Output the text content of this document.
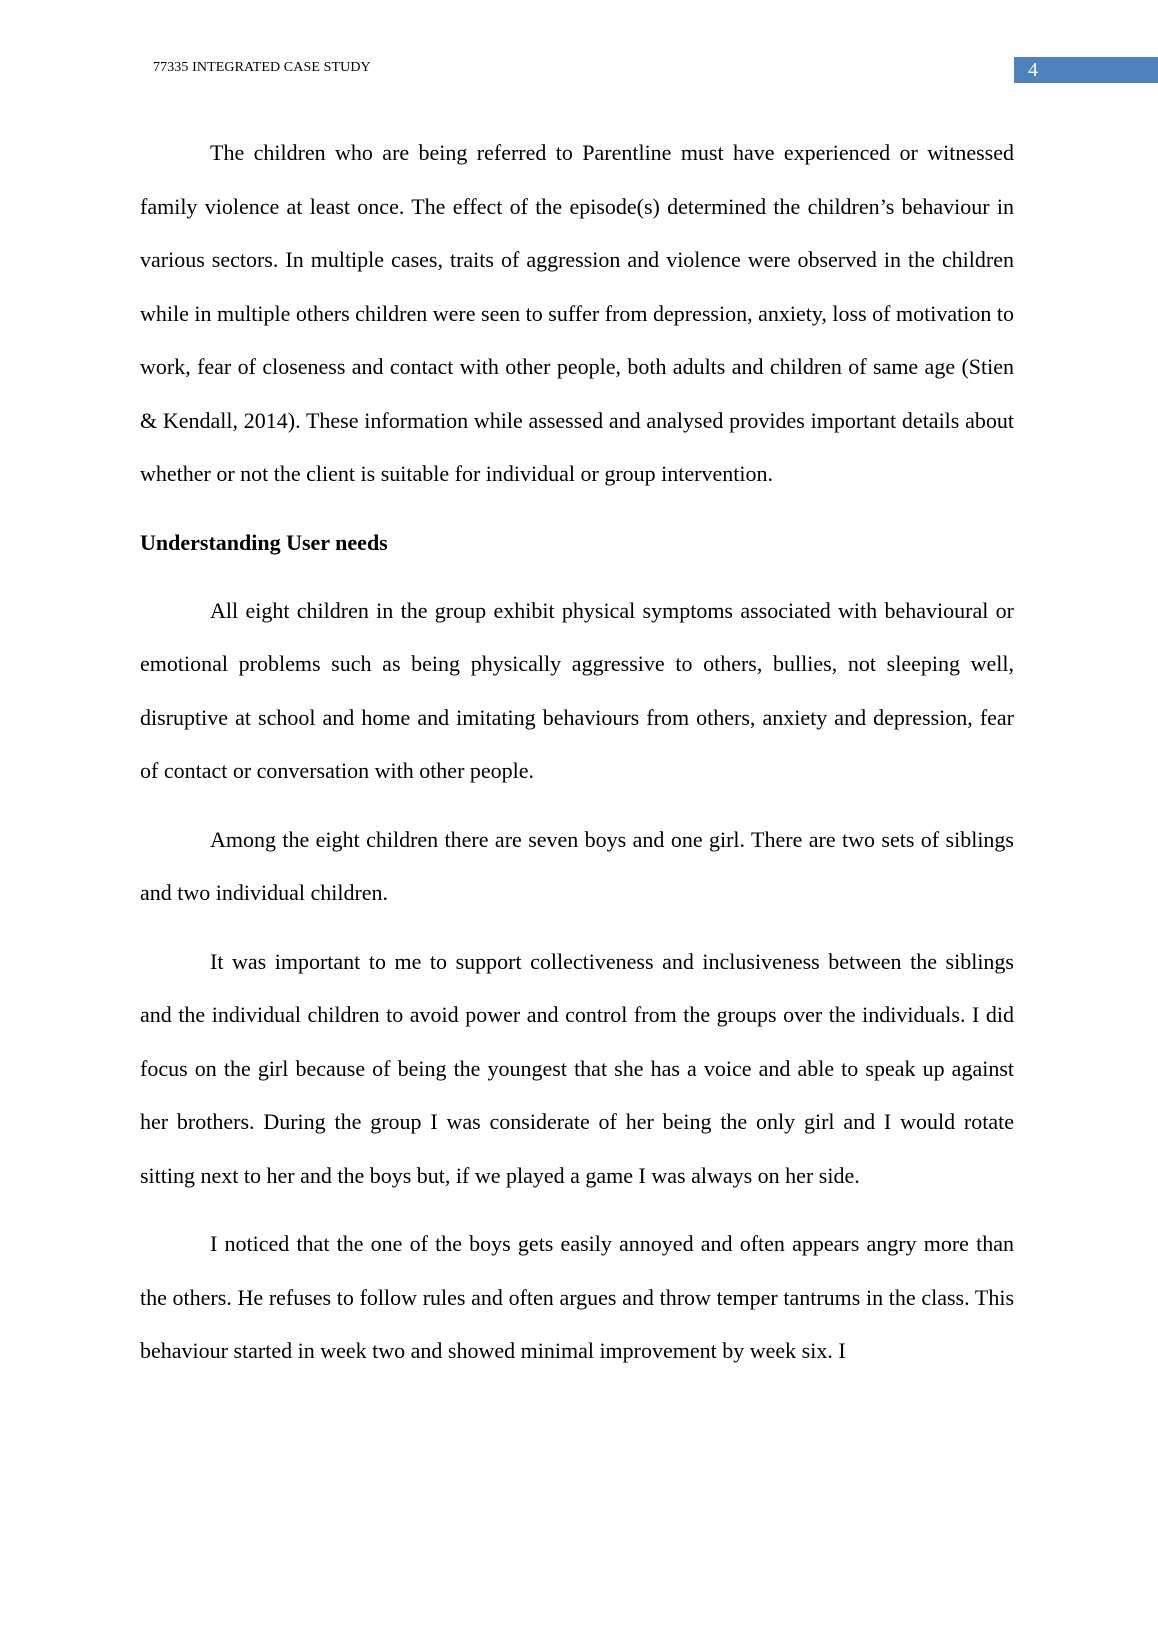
77335 INTEGRATED CASE STUDY	4

The children who are being referred to Parentline must have experienced or witnessed family violence at least once. The effect of the episode(s) determined the children’s behaviour in various sectors. In multiple cases, traits of aggression and violence were observed in the children while in multiple others children were seen to suffer from depression, anxiety, loss of motivation to work, fear of closeness and contact with other people, both adults and children of same age (Stien & Kendall, 2014). These information while assessed and analysed provides important details about whether or not the client is suitable for individual or group intervention.

Understanding User needs

All eight children in the group exhibit physical symptoms associated with behavioural or emotional problems such as being physically aggressive to others, bullies, not sleeping well, disruptive at school and home and imitating behaviours from others, anxiety and depression, fear of contact or conversation with other people.

Among the eight children there are seven boys and one girl. There are two sets of siblings and two individual children.

It was important to me to support collectiveness and inclusiveness between the siblings and the individual children to avoid power and control from the groups over the individuals. I did focus on the girl because of being the youngest that she has a voice and able to speak up against her brothers. During the group I was considerate of her being the only girl and I would rotate sitting next to her and the boys but, if we played a game I was always on her side.

I noticed that the one of the boys gets easily annoyed and often appears angry more than the others. He refuses to follow rules and often argues and throw temper tantrums in the class. This behaviour started in week two and showed minimal improvement by week six. I
